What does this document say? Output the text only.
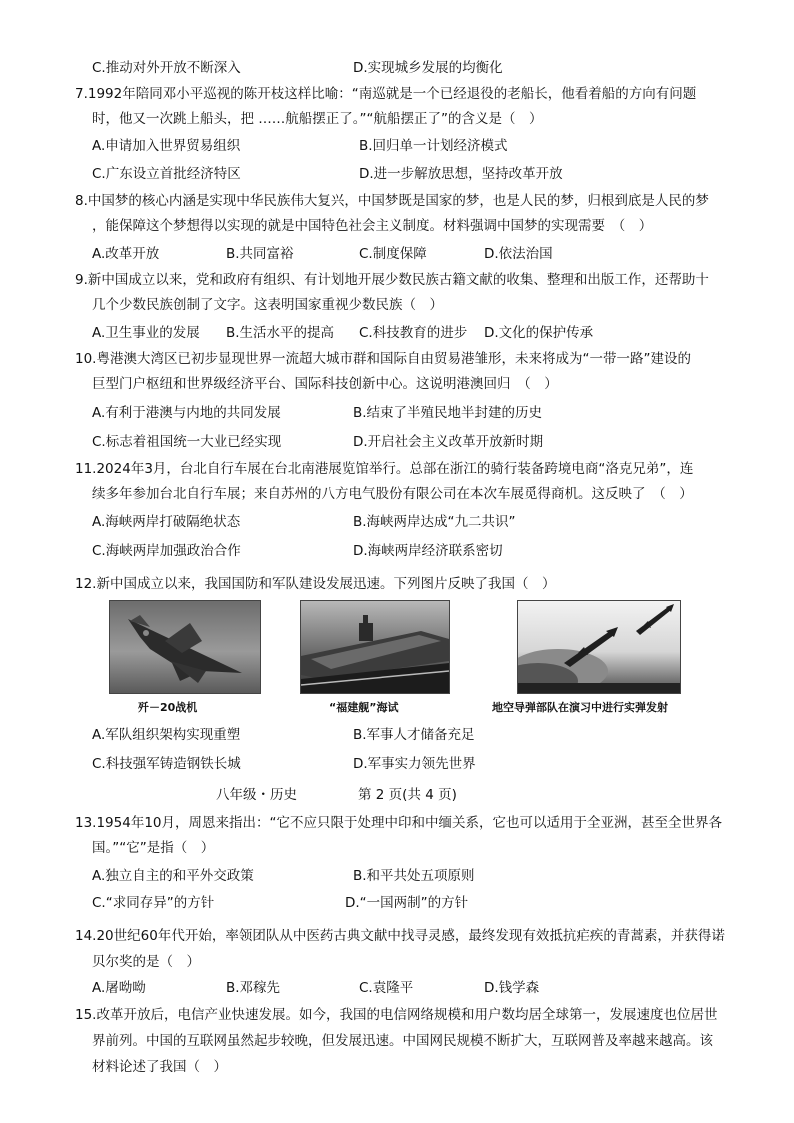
C.推动对外开放不断深入	D.实现城乡发展的均衡化
7.1992年陪同邓小平巡视的陈开枝这样比喻：“南巡就是一个已经退役的老船长，他看着船的方向有问题
时，他又一次跳上船头，把 ……航船摆正了。”“航船摆正了”的含义是（　）
A.申请加入世界贸易组织	B.回归单一计划经济模式
C.广东设立首批经济特区	D.进一步解放思想，坚持改革开放
8.中国梦的核心内涵是实现中华民族伟大复兴，中国梦既是国家的梦，也是人民的梦，归根到底是人民的梦
，能保障这个梦想得以实现的就是中国特色社会主义制度。材料强调中国梦的实现需要　（　）
A.改革开放	B.共同富裕	C.制度保障	D.依法治国
9.新中国成立以来，党和政府有组织、有计划地开展少数民族古籍文献的收集、整理和出版工作，还帮助十
几个少数民族创制了文字。这表明国家重视少数民族（　）
A.卫生事业的发展 B.生活水平的提高 C.科技教育的进步 D.文化的保护传承
10.粤港澳大湾区已初步显现世界一流超大城市群和国际自由贸易港雏形，未来将成为“一带一路”建设的
巨型门户枢纽和世界级经济平台、国际科技创新中心。这说明港澳回归　（　）
A.有利于港澳与内地的共同发展	B.结束了半殖民地半封建的历史
C.标志着祖国统一大业已经实现	D.开启社会主义改革开放新时期
11.2024年3月，台北自行车展在台北南港展览馆举行。总部在浙江的骑行装备跨境电商“洛克兄弟”，连
续多年参加台北自行车展；来自苏州的八方电气股份有限公司在本次车展觅得商机。这反映了　（　）
A.海峡两岸打破隔绝状态	B.海峡两岸达成“九二共识”
C.海峡两岸加强政治合作	D.海峡两岸经济联系密切
12.新中国成立以来，我国国防和军队建设发展迅速。下列图片反映了我国（　）
歼－20战机	“福建舰”海试	地空导弹部队在演习中进行实弹发射
A.军队组织架构实现重塑	B.军事人才储备充足
C.科技强军铸造钢铁长城	D.军事实力领先世界
八年级・历史	第 2 页(共 4 页)
13.1954年10月，周恩来指出：“它不应只限于处理中印和中缅关系，它也可以适用于全亚洲，甚至全世界各
国。”“它”是指（　）
A.独立自主的和平外交政策	B.和平共处五项原则
C.“求同存异”的方针	D.“一国两制”的方针
14.20世纪60年代开始，率领团队从中医药古典文献中找寻灵感，最终发现有效抵抗疟疾的青蒿素，并获得诺
贝尔奖的是（　）
A.屠呦呦	B.邓稼先	C.袁隆平	D.钱学森
15.改革开放后，电信产业快速发展。如今，我国的电信网络规模和用户数均居全球第一，发展速度也位居世
界前列。中国的互联网虽然起步较晚，但发展迅速。中国网民规模不断扩大，互联网普及率越来越高。该
材料论述了我国（　）
